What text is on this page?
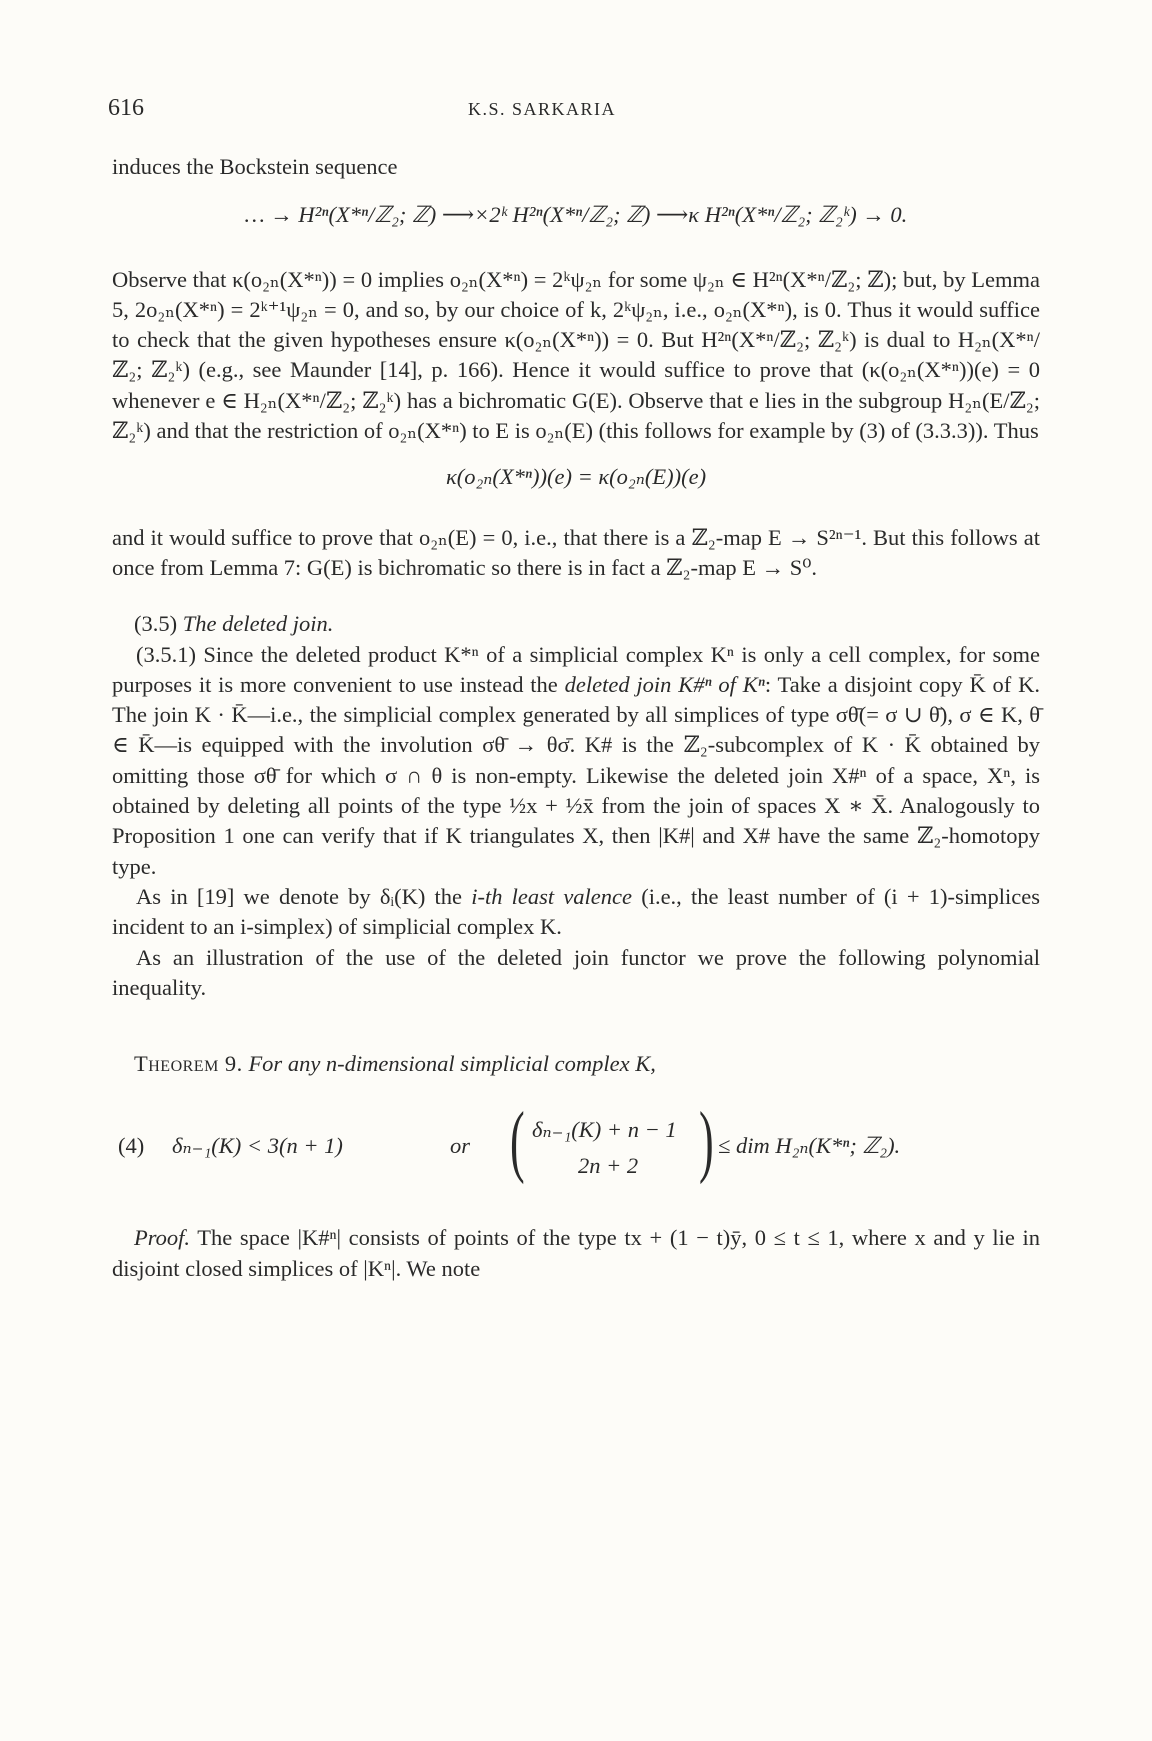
616	K.S. SARKARIA

induces the Bockstein sequence

… → H²ⁿ(X*ⁿ/ℤ₂; ℤ) ⟶×2ᵏ H²ⁿ(X*ⁿ/ℤ₂; ℤ) ⟶κ H²ⁿ(X*ⁿ/ℤ₂; ℤ₂ᵏ) → 0.

Observe that κ(o₂ₙ(X*ⁿ)) = 0 implies o₂ₙ(X*ⁿ) = 2ᵏψ₂ₙ for some ψ₂ₙ ∈ H²ⁿ(X*ⁿ/ℤ₂; ℤ); but, by Lemma 5, 2o₂ₙ(X*ⁿ) = 2ᵏ⁺¹ψ₂ₙ = 0, and so, by our choice of k, 2ᵏψ₂ₙ, i.e., o₂ₙ(X*ⁿ), is 0. Thus it would suffice to check that the given hypotheses ensure κ(o₂ₙ(X*ⁿ)) = 0. But H²ⁿ(X*ⁿ/ℤ₂; ℤ₂ᵏ) is dual to H₂ₙ(X*ⁿ/ℤ₂; ℤ₂ᵏ) (e.g., see Maunder [14], p. 166). Hence it would suffice to prove that (κ(o₂ₙ(X*ⁿ))(e) = 0 whenever e ∈ H₂ₙ(X*ⁿ/ℤ₂; ℤ₂ᵏ) has a bichromatic G(E). Observe that e lies in the subgroup H₂ₙ(E/ℤ₂; ℤ₂ᵏ) and that the restriction of o₂ₙ(X*ⁿ) to E is o₂ₙ(E) (this follows for example by (3) of (3.3.3)). Thus

κ(o₂ₙ(X*ⁿ))(e) = κ(o₂ₙ(E))(e)

and it would suffice to prove that o₂ₙ(E) = 0, i.e., that there is a ℤ₂-map E → S²ⁿ⁻¹. But this follows at once from Lemma 7: G(E) is bichromatic so there is in fact a ℤ₂-map E → S⁰.

(3.5) The deleted join.

(3.5.1) Since the deleted product K*ⁿ of a simplicial complex Kⁿ is only a cell complex, for some purposes it is more convenient to use instead the deleted join K#ⁿ of Kⁿ: Take a disjoint copy K̄ of K. The join K · K̄—i.e., the simplicial complex generated by all simplices of type σθ̄(= σ ∪ θ̄), σ ∈ K, θ̄ ∈ K̄—is equipped with the involution σθ̄ → θσ̄. K# is the ℤ₂-subcomplex of K · K̄ obtained by omitting those σθ̄ for which σ ∩ θ is non-empty. Likewise the deleted join X#ⁿ of a space, Xⁿ, is obtained by deleting all points of the type ½x + ½x̄ from the join of spaces X ∗ X̄. Analogously to Proposition 1 one can verify that if K triangulates X, then |K#| and X# have the same ℤ₂-homotopy type.

As in [19] we denote by δᵢ(K) the i-th least valence (i.e., the least number of (i + 1)-simplices incident to an i-simplex) of simplicial complex K.

As an illustration of the use of the deleted join functor we prove the following polynomial inequality.

Theorem 9. For any n-dimensional simplicial complex K,

(4) δₙ₋₁(K) < 3(n + 1)	or ( δₙ₋₁(K) + n − 1
2n + 2 ) ≤ dim H₂ₙ(K*ⁿ; ℤ₂).

Proof. The space |K#ⁿ| consists of points of the type tx + (1 − t)ȳ, 0 ≤ t ≤ 1, where x and y lie in disjoint closed simplices of |Kⁿ|. We note
